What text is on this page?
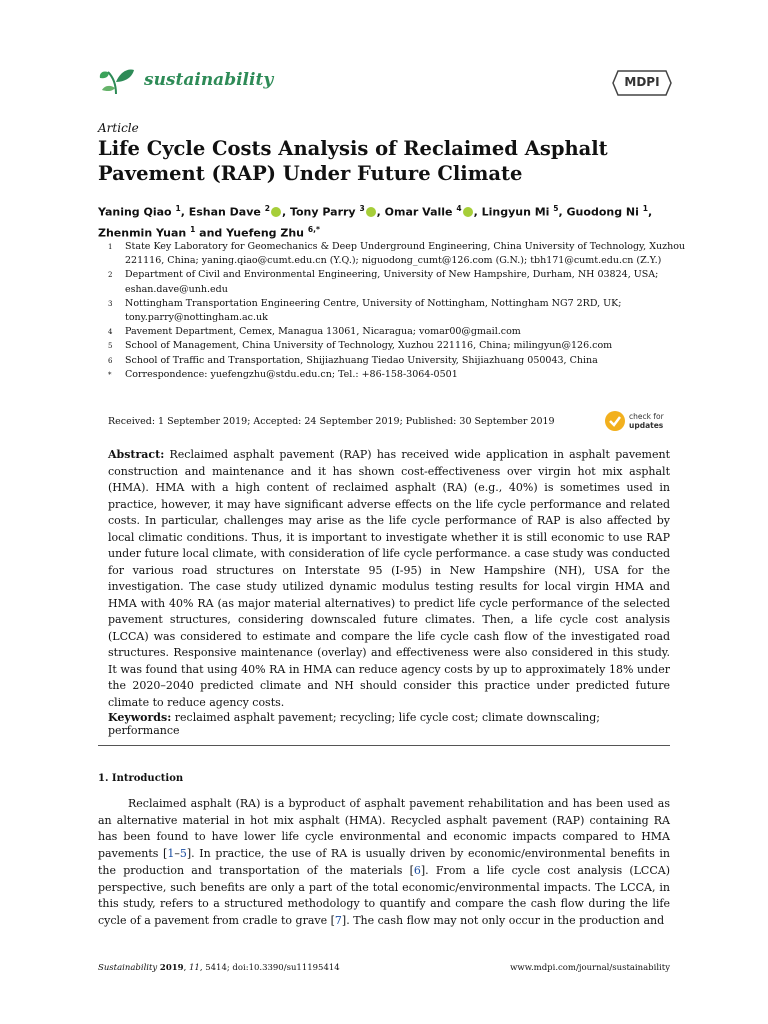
sustainability	MDPI
Article
Life Cycle Costs Analysis of Reclaimed Asphalt Pavement (RAP) Under Future Climate
Yaning Qiao $^1$, Eshan Dave $^2$ , Tony Parry $^3$ , Omar Valle $^4$ , Lingyun Mi $^5$, Guodong Ni $^1$, Zhenmin Yuan $^1$ and Yuefeng Zhu $^{6,*}$
1	State Key Laboratory for Geomechanics & Deep Underground Engineering, China University of Technology, Xuzhou 221116, China; yaning.qiao@cumt.edu.cn (Y.Q.); niguodong_cumt@126.com (G.N.); tbh171@cumt.edu.cn (Z.Y.)
2	Department of Civil and Environmental Engineering, University of New Hampshire, Durham, NH 03824, USA; eshan.dave@unh.edu
3	Nottingham Transportation Engineering Centre, University of Nottingham, Nottingham NG7 2RD, UK; tony.parry@nottingham.ac.uk
4	Pavement Department, Cemex, Managua 13061, Nicaragua; vomar00@gmail.com
5	School of Management, China University of Technology, Xuzhou 221116, China; milingyun@126.com
6	School of Traffic and Transportation, Shijiazhuang Tiedao University, Shijiazhuang 050043, China
*	Correspondence: yuefengzhu@stdu.edu.cn; Tel.: +86-158-3064-0501
Received: 1 September 2019; Accepted: 24 September 2019; Published: 30 September 2019	check for
updates
Abstract: Reclaimed asphalt pavement (RAP) has received wide application in asphalt pavement construction and maintenance and it has shown cost-effectiveness over virgin hot mix asphalt (HMA). HMA with a high content of reclaimed asphalt (RA) (e.g., 40%) is sometimes used in practice, however, it may have significant adverse effects on the life cycle performance and related costs. In particular, challenges may arise as the life cycle performance of RAP is also affected by local climatic conditions. Thus, it is important to investigate whether it is still economic to use RAP under future local climate, with consideration of life cycle performance. a case study was conducted for various road structures on Interstate 95 (I-95) in New Hampshire (NH), USA for the investigation. The case study utilized dynamic modulus testing results for local virgin HMA and HMA with 40% RA (as major material alternatives) to predict life cycle performance of the selected pavement structures, considering downscaled future climates. Then, a life cycle cost analysis (LCCA) was considered to estimate and compare the life cycle cash flow of the investigated road structures. Responsive maintenance (overlay) and effectiveness were also considered in this study. It was found that using 40% RA in HMA can reduce agency costs by up to approximately 18% under the 2020–2040 predicted climate and NH should consider this practice under predicted future climate to reduce agency costs.
Keywords: reclaimed asphalt pavement; recycling; life cycle cost; climate downscaling; performance
1. Introduction
Reclaimed asphalt (RA) is a byproduct of asphalt pavement rehabilitation and has been used as an alternative material in hot mix asphalt (HMA). Recycled asphalt pavement (RAP) containing RA has been found to have lower life cycle environmental and economic impacts compared to HMA pavements [1–5]. In practice, the use of RA is usually driven by economic/environmental benefits in the production and transportation of the materials [6]. From a life cycle cost analysis (LCCA) perspective, such benefits are only a part of the total economic/environmental impacts. The LCCA, in this study, refers to a structured methodology to quantify and compare the cash flow during the life cycle of a pavement from cradle to grave [7]. The cash flow may not only occur in the production and
Sustainability 2019, 11, 5414; doi:10.3390/su11195414	www.mdpi.com/journal/sustainability
